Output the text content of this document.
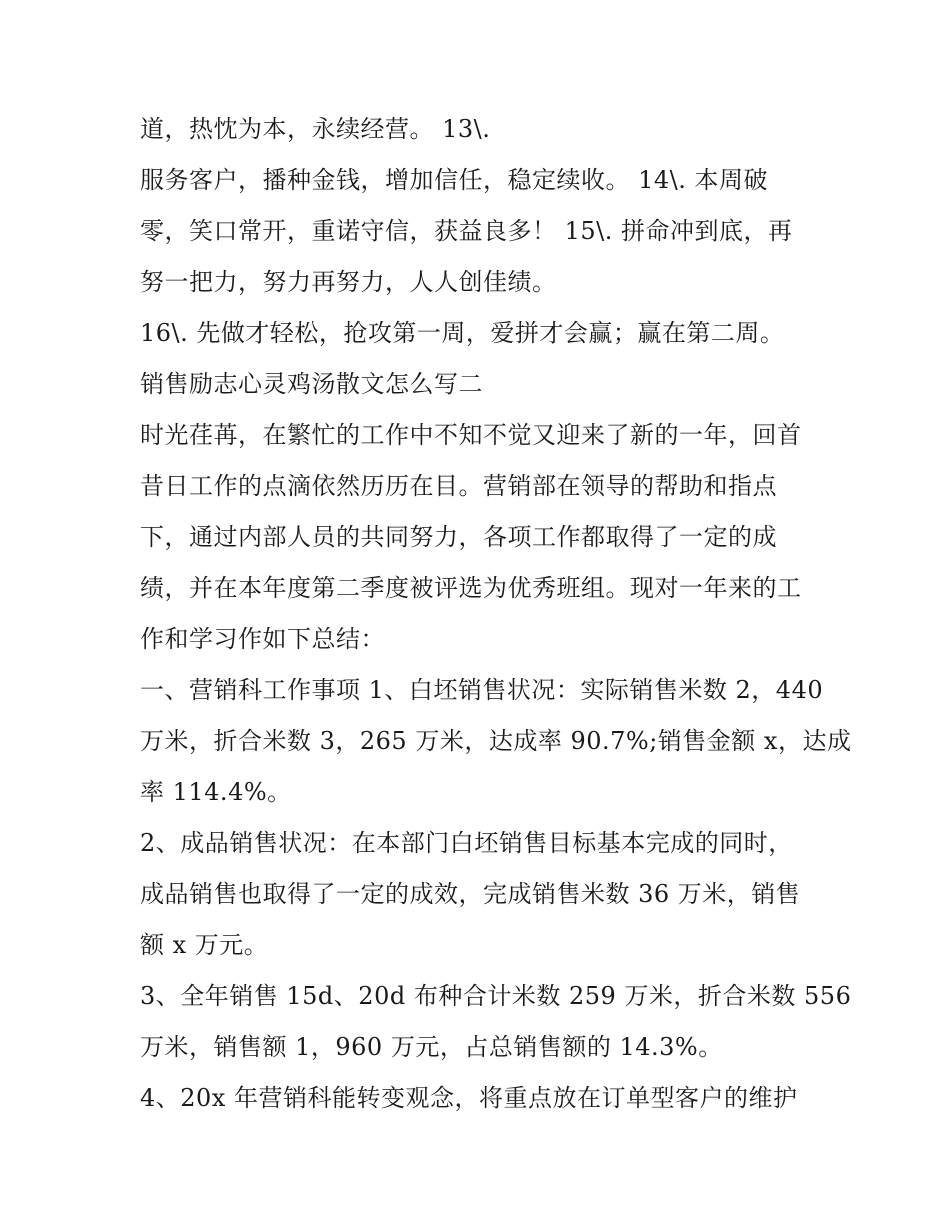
道，热忱为本，永续经营。 13\.
服务客户，播种金钱，增加信任，稳定续收。 14\. 本周破
零，笑口常开，重诺守信，获益良多！ 15\. 拼命冲到底，再
努一把力，努力再努力，人人创佳绩。
16\. 先做才轻松，抢攻第一周，爱拼才会赢；赢在第二周。
销售励志心灵鸡汤散文怎么写二
时光荏苒，在繁忙的工作中不知不觉又迎来了新的一年，回首
昔日工作的点滴依然历历在目。营销部在领导的帮助和指点
下，通过内部人员的共同努力，各项工作都取得了一定的成
绩，并在本年度第二季度被评选为优秀班组。现对一年来的工
作和学习作如下总结：
一、营销科工作事项 1、白坯销售状况：实际销售米数 2，440
万米，折合米数 3，265 万米，达成率 90.7%;销售金额 x，达成
率 114.4%。
2、成品销售状况：在本部门白坯销售目标基本完成的同时，
成品销售也取得了一定的成效，完成销售米数 36 万米，销售
额 x 万元。
3、全年销售 15d、20d 布种合计米数 259 万米，折合米数 556
万米，销售额 1，960 万元，占总销售额的 14.3%。
4、20x 年营销科能转变观念，将重点放在订单型客户的维护
